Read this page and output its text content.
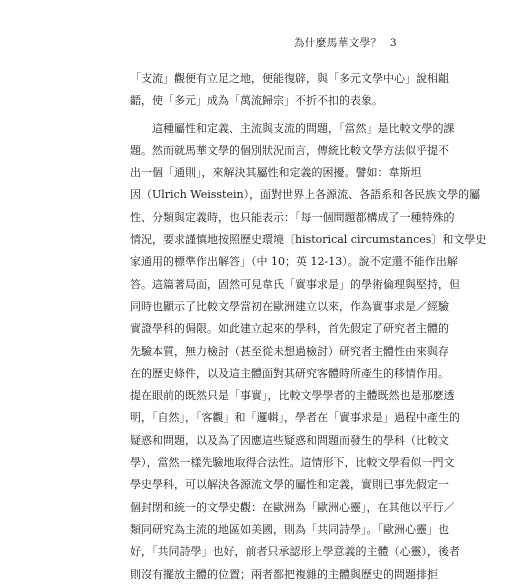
為什麼馬華文學？ 3
「支流」觀便有立足之地，便能復辟，與「多元文學中心」說相齟
齬，使「多元」成為「萬流歸宗」不折不扣的表象。
　　這種屬性和定義、主流與支流的問題，「當然」是比較文學的課
題。然而就馬華文學的個別狀況而言，傳統比較文學方法似乎提不
出一個「通則」，來解決其屬性和定義的困擾。譬如：韋斯坦
因（Ulrich Weisstein），面對世界上各源流、各語系和各民族文學的屬
性、分類與定義時，也只能表示：「每一個問題都構成了一種特殊的
情況，要求謹慎地按照歷史環境〔historical circumstances〕和文學史
家通用的標準作出解答」（中 10；英 12-13）。說不定還不能作出解
答。這篇著局面，固然可見韋氏「實事求是」的學術倫理與堅持，但
同時也顯示了比較文學當初在歐洲建立以來，作為實事求是／經驗
實證學科的侷限。如此建立起來的學科，首先假定了研究者主體的
先驗本質，無力檢討（甚至從未想過檢討）研究者主體性由來與存
在的歷史條件，以及這主體面對其研究客體時所產生的移情作用。
提在眼前的既然只是「事實」，比較文學學者的主體既然也是那麼透
明，「自然」，「客觀」和「邏輯」，學者在「實事求是」過程中產生的
疑惑和問題，以及為了因應這些疑惑和問題而發生的學科（比較文
學），當然一樣先驗地取得合法性。這情形下，比較文學看似一門文
學史學科，可以解決各源流文學的屬性和定義，實則已事先假定一
個封閉和統一的文學史觀：在歐洲為「歐洲心靈」，在其他以平行／
類同研究為主流的地區如美國，則為「共同詩學」。「歐洲心靈」也
好，「共同詩學」也好，前者只承認形上學意義的主體（心靈），後者
則沒有擺放主體的位置；兩者都把複雜的主體與歷史的問題排拒
